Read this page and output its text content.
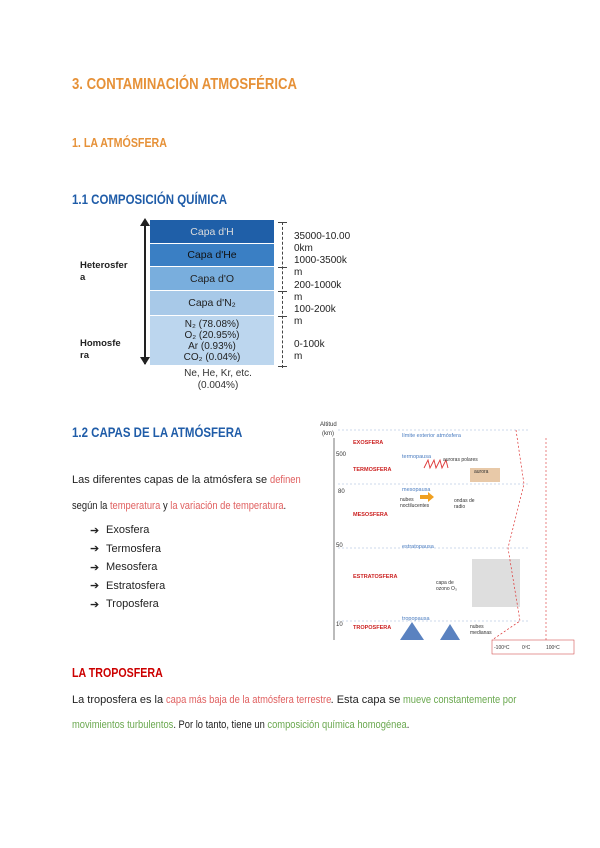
3. CONTAMINACIÓN ATMOSFÉRICA
1. LA ATMÓSFERA
1.1 COMPOSICIÓN QUÍMICA
Heterosfer
a
Homosfe
ra
Capa d'H
Capa d'He
Capa d'O
Capa d'N₂
N₂ (78.08%)
O₂ (20.95%)
Ar (0.93%)
CO₂ (0.04%)
Ne, He, Kr, etc.
(0.004%)
35000-10.00
0km
1000-3500k
m
200-1000k
m
100-200k
m
0-100k
m
1.2 CAPAS DE LA ATMÓSFERA
Las diferentes capas de la atmósfera se definen
según la temperatura y la variación de temperatura.
➔ Exosfera
➔ Termosfera
➔ Mesosfera
➔ Estratosfera
➔ Troposfera
Altitud
(km)
500
80
50
10
EXOSFERA
TERMOSFERA
MESOSFERA
ESTRATOSFERA
TROPOSFERA
límite exterior atmósfera
termopausa
mesopausa
estratopausa
tropopausa
auroras polares
aurora
nubes noctilucentes
ondas de radio
capa de ozono O₃
nubes medianas
-100ºC	0ºC	100ºC
LA TROPOSFERA
La troposfera es la capa más baja de la atmósfera terrestre. Esta capa se mueve constantemente por
movimientos turbulentos. Por lo tanto, tiene un composición química homogénea.
